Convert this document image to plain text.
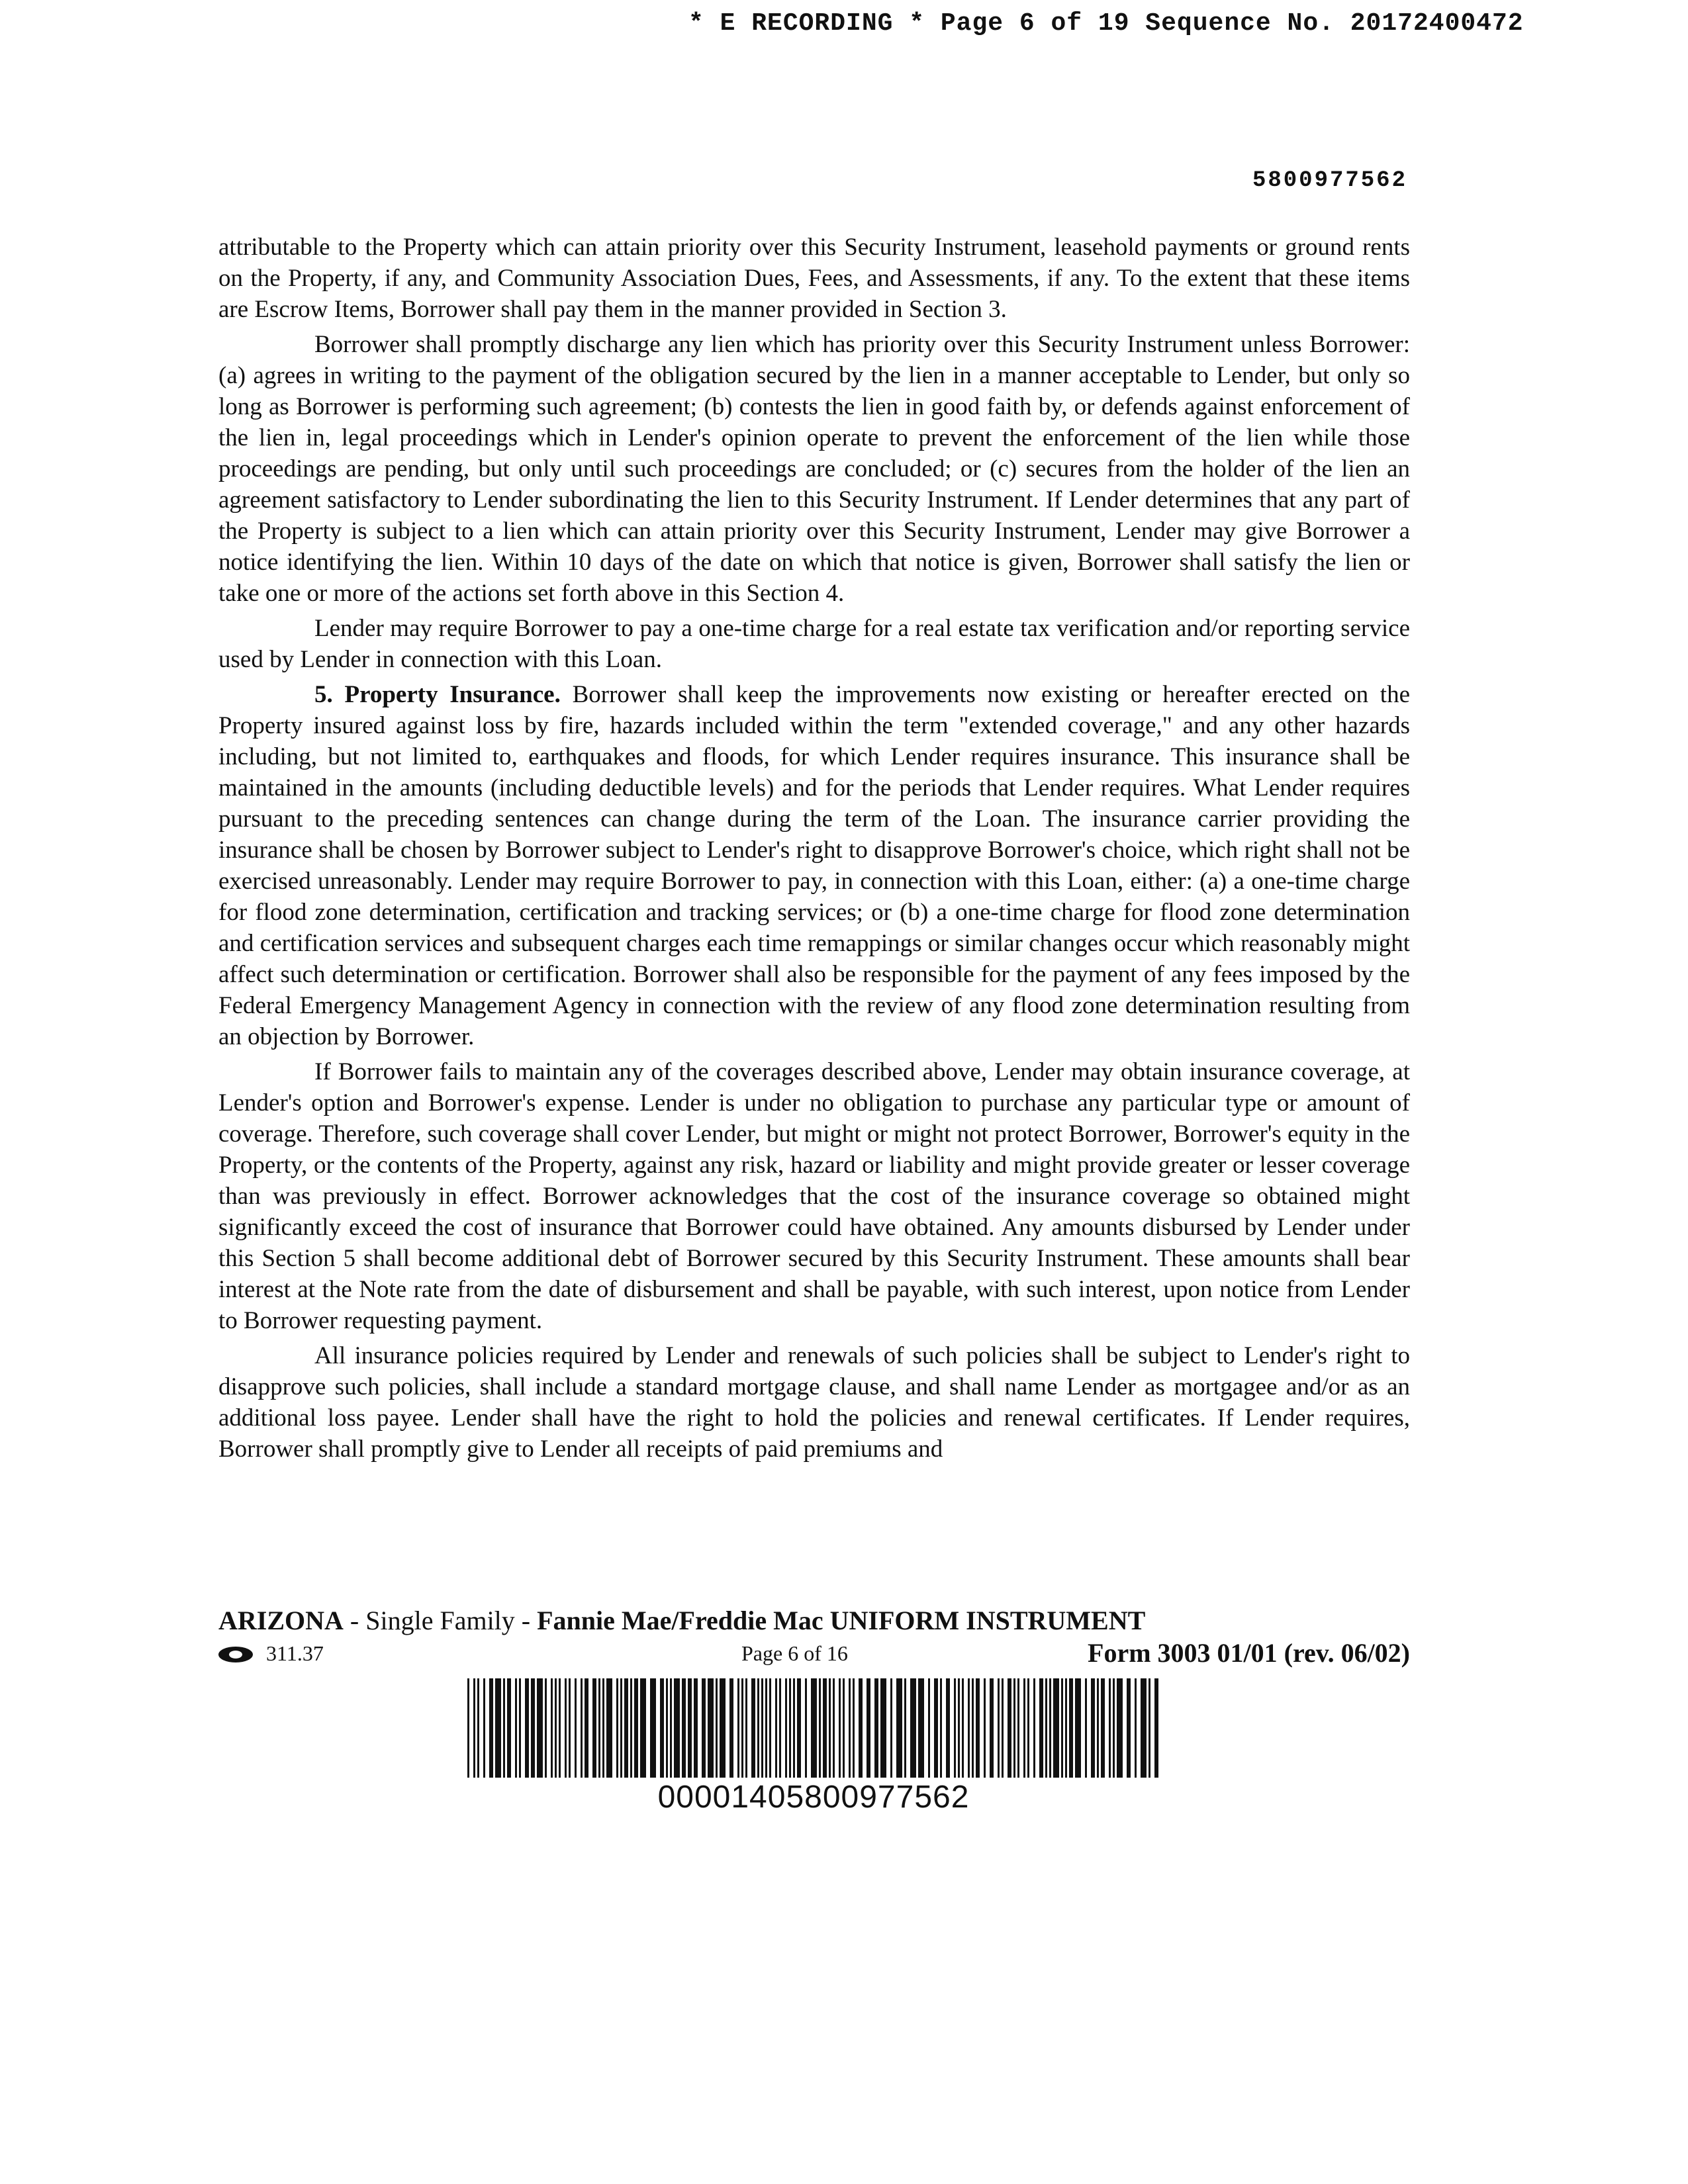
* E RECORDING * Page 6 of 19 Sequence No. 20172400472
5800977562

attributable to the Property which can attain priority over this Security Instrument, leasehold payments or ground rents on the Property, if any, and Community Association Dues, Fees, and Assessments, if any. To the extent that these items are Escrow Items, Borrower shall pay them in the manner provided in Section 3.

Borrower shall promptly discharge any lien which has priority over this Security Instrument unless Borrower: (a) agrees in writing to the payment of the obligation secured by the lien in a manner acceptable to Lender, but only so long as Borrower is performing such agreement; (b) contests the lien in good faith by, or defends against enforcement of the lien in, legal proceedings which in Lender's opinion operate to prevent the enforcement of the lien while those proceedings are pending, but only until such proceedings are concluded; or (c) secures from the holder of the lien an agreement satisfactory to Lender subordinating the lien to this Security Instrument. If Lender determines that any part of the Property is subject to a lien which can attain priority over this Security Instrument, Lender may give Borrower a notice identifying the lien. Within 10 days of the date on which that notice is given, Borrower shall satisfy the lien or take one or more of the actions set forth above in this Section 4.

Lender may require Borrower to pay a one-time charge for a real estate tax verification and/or reporting service used by Lender in connection with this Loan.

5. Property Insurance. Borrower shall keep the improvements now existing or hereafter erected on the Property insured against loss by fire, hazards included within the term "extended coverage," and any other hazards including, but not limited to, earthquakes and floods, for which Lender requires insurance. This insurance shall be maintained in the amounts (including deductible levels) and for the periods that Lender requires. What Lender requires pursuant to the preceding sentences can change during the term of the Loan. The insurance carrier providing the insurance shall be chosen by Borrower subject to Lender's right to disapprove Borrower's choice, which right shall not be exercised unreasonably. Lender may require Borrower to pay, in connection with this Loan, either: (a) a one-time charge for flood zone determination, certification and tracking services; or (b) a one-time charge for flood zone determination and certification services and subsequent charges each time remappings or similar changes occur which reasonably might affect such determination or certification. Borrower shall also be responsible for the payment of any fees imposed by the Federal Emergency Management Agency in connection with the review of any flood zone determination resulting from an objection by Borrower.

If Borrower fails to maintain any of the coverages described above, Lender may obtain insurance coverage, at Lender's option and Borrower's expense. Lender is under no obligation to purchase any particular type or amount of coverage. Therefore, such coverage shall cover Lender, but might or might not protect Borrower, Borrower's equity in the Property, or the contents of the Property, against any risk, hazard or liability and might provide greater or lesser coverage than was previously in effect. Borrower acknowledges that the cost of the insurance coverage so obtained might significantly exceed the cost of insurance that Borrower could have obtained. Any amounts disbursed by Lender under this Section 5 shall become additional debt of Borrower secured by this Security Instrument. These amounts shall bear interest at the Note rate from the date of disbursement and shall be payable, with such interest, upon notice from Lender to Borrower requesting payment.

All insurance policies required by Lender and renewals of such policies shall be subject to Lender's right to disapprove such policies, shall include a standard mortgage clause, and shall name Lender as mortgagee and/or as an additional loss payee. Lender shall have the right to hold the policies and renewal certificates. If Lender requires, Borrower shall promptly give to Lender all receipts of paid premiums and

ARIZONA - Single Family - Fannie Mae/Freddie Mac UNIFORM INSTRUMENT
311.37	Page 6 of 16	Form 3003 01/01 (rev. 06/02)
00001405800977562
